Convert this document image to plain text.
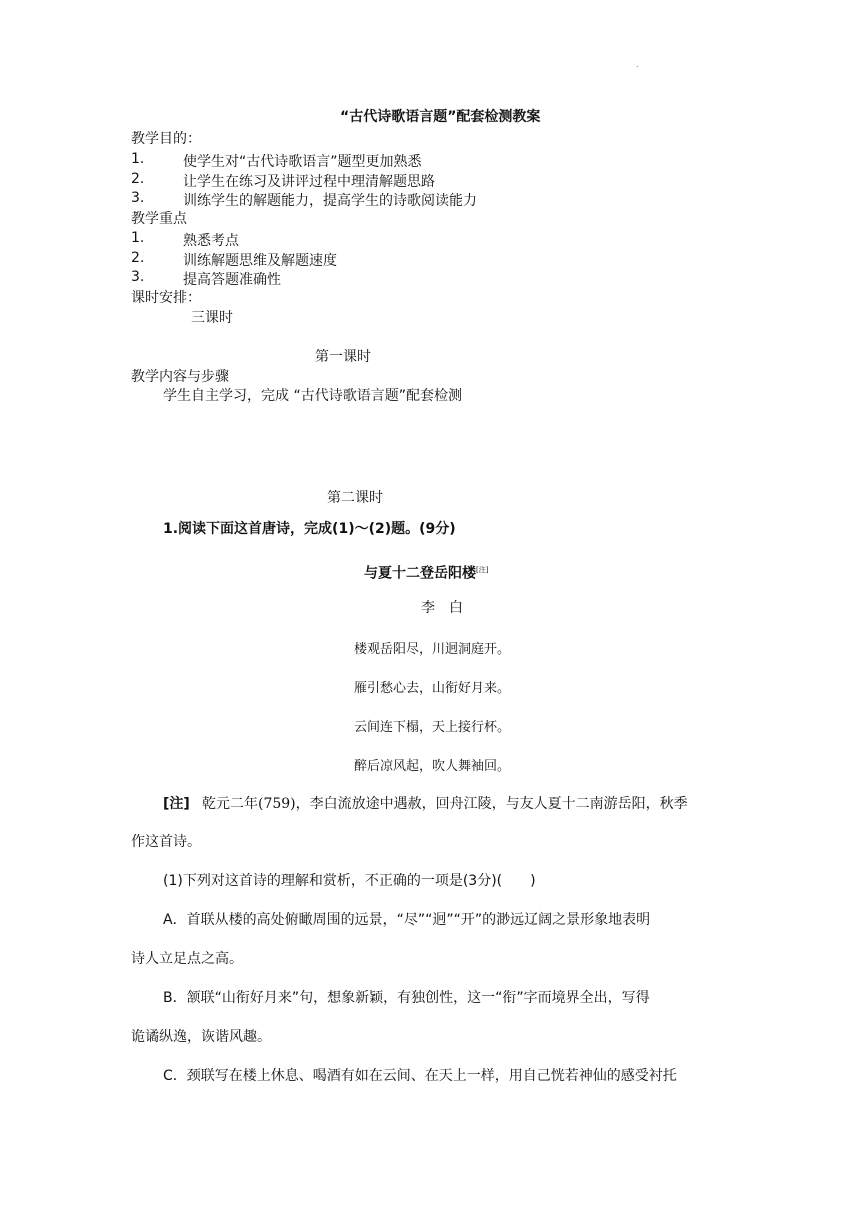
.
“古代诗歌语言题”配套检测教案
教学目的：
1.	使学生对“古代诗歌语言”题型更加熟悉
2.	让学生在练习及讲评过程中理清解题思路
3.	训练学生的解题能力，提高学生的诗歌阅读能力
教学重点
1.	熟悉考点
2.	训练解题思维及解题速度
3.	提高答题准确性
课时安排：
三课时
第一课时
教学内容与步骤
学生自主学习，完成 “古代诗歌语言题”配套检测
第二课时
1.阅读下面这首唐诗，完成(1)～(2)题。(9分)
与夏十二登岳阳楼[注]
李　白
楼观岳阳尽，川迥洞庭开。
雁引愁心去，山衔好月来。
云间连下榻，天上接行杯。
醉后凉风起，吹人舞袖回。
[注] 乾元二年(759)，李白流放途中遇赦，回舟江陵，与友人夏十二南游岳阳，秋季
作这首诗。
(1)下列对这首诗的理解和赏析，不正确的一项是(3分)(　　)
A．首联从楼的高处俯瞰周围的远景，“尽”“迥”“开”的渺远辽阔之景形象地表明
诗人立足点之高。
B．颔联“山衔好月来”句，想象新颖，有独创性，这一“衔”字而境界全出，写得
诡谲纵逸，诙谐风趣。
C．颈联写在楼上休息、喝酒有如在云间、在天上一样，用自己恍若神仙的感受衬托
